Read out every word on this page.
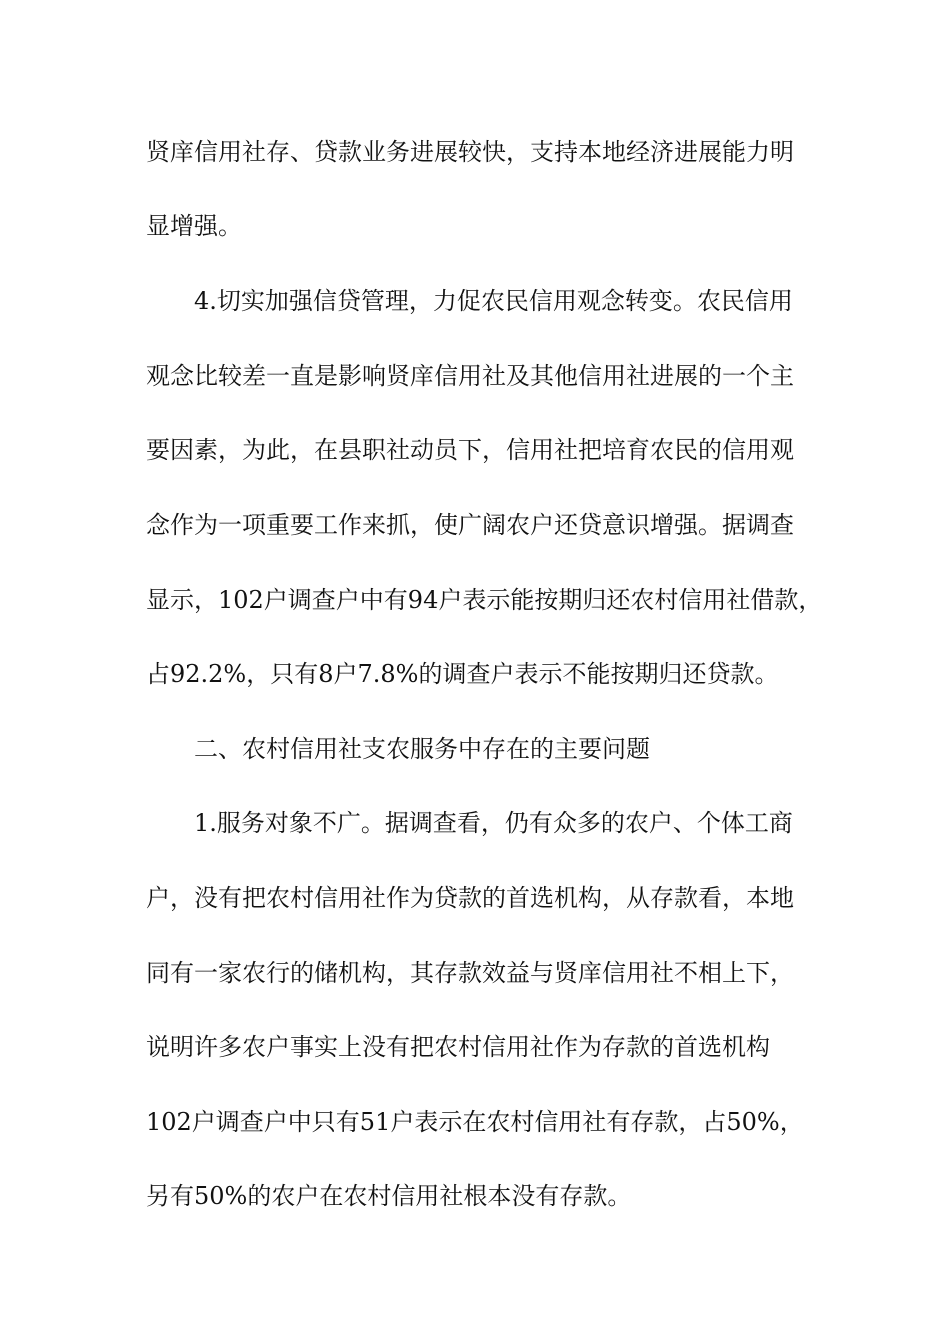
贤庠信用社存、贷款业务进展较快，支持本地经济进展能力明
显增强。
4.切实加强信贷管理，力促农民信用观念转变。农民信用
观念比较差一直是影响贤庠信用社及其他信用社进展的一个主
要因素，为此，在县职社动员下，信用社把培育农民的信用观
念作为一项重要工作来抓，使广阔农户还贷意识增强。据调查
显示，102户调查户中有94户表示能按期归还农村信用社借款，
占92.2%，只有8户7.8%的调查户表示不能按期归还贷款。
二、农村信用社支农服务中存在的主要问题
1.服务对象不广。据调查看，仍有众多的农户、个体工商
户，没有把农村信用社作为贷款的首选机构，从存款看，本地
同有一家农行的储机构，其存款效益与贤庠信用社不相上下，
说明许多农户事实上没有把农村信用社作为存款的首选机构
102户调查户中只有51户表示在农村信用社有存款，占50%，
另有50%的农户在农村信用社根本没有存款。
